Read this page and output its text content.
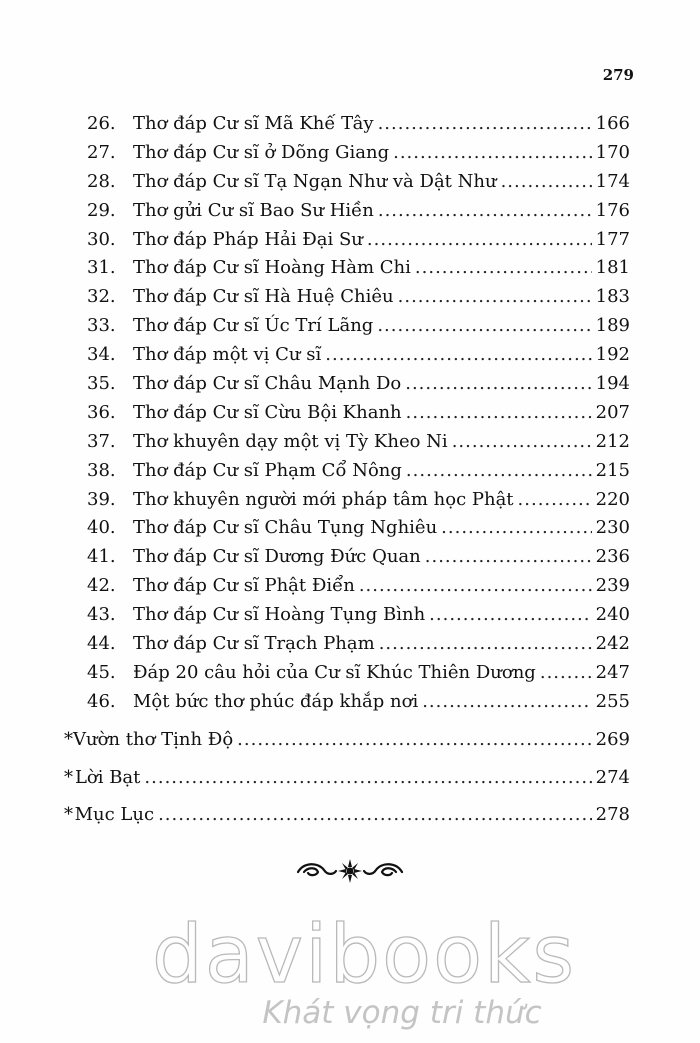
279
26. Thơ đáp Cư sĩ Mã Khế Tây .....	166
27. Thơ đáp Cư sĩ ở Dõng Giang .....	170
28. Thơ đáp Cư sĩ Tạ Ngạn Như và Dật Như .....	174
29. Thơ gửi Cư sĩ Bao Sư Hiền .....	176
30. Thơ đáp Pháp Hải Đại Sư .....	177
31. Thơ đáp Cư sĩ Hoàng Hàm Chi .....	181
32. Thơ đáp Cư sĩ Hà Huệ Chiêu .....	183
33. Thơ đáp Cư sĩ Úc Trí Lãng .....	189
34. Thơ đáp một vị Cư sĩ .....	192
35. Thơ đáp Cư sĩ Châu Mạnh Do .....	194
36. Thơ đáp Cư sĩ Cừu Bội Khanh .....	207
37. Thơ khuyên dạy một vị Tỳ Kheo Ni .....	212
38. Thơ đáp Cư sĩ Phạm Cổ Nông .....	215
39. Thơ khuyên người mới pháp tâm học Phật .....	220
40. Thơ đáp Cư sĩ Châu Tụng Nghiêu .....	230
41. Thơ đáp Cư sĩ Dương Đức Quan .....	236
42. Thơ đáp Cư sĩ Phật Điển .....	239
43. Thơ đáp Cư sĩ Hoàng Tụng Bình .....	240
44. Thơ đáp Cư sĩ Trạch Phạm .....	242
45. Đáp 20 câu hỏi của Cư sĩ Khúc Thiên Dương .....	247
46. Một bức thơ phúc đáp khắp nơi .....	255
* Vườn thơ Tịnh Độ .....	269
* Lời Bạt .....	274
* Mục Lục .....	278
davibooks
Khát vọng tri thức
